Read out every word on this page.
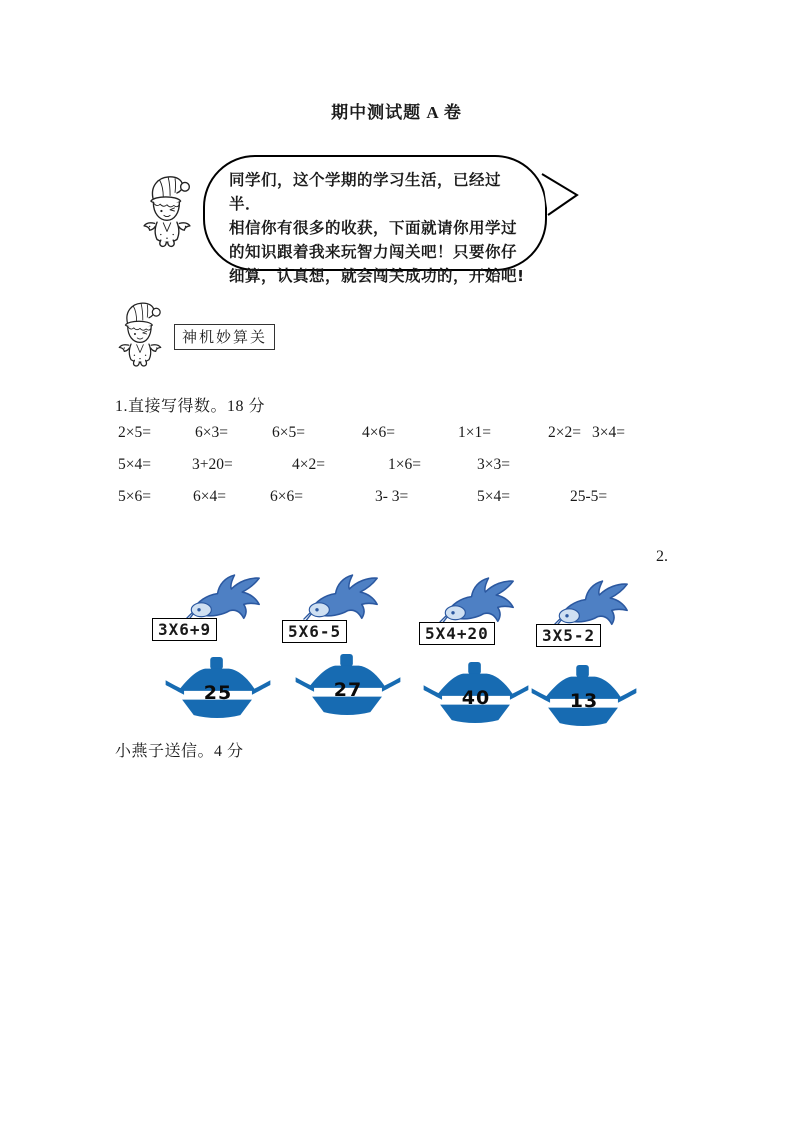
期中测试题 A 卷
同学们，这个学期的学习生活，已经过半．
相信你有很多的收获，下面就请你用学过
的知识跟着我来玩智力闯关吧！只要你仔
细算，认真想，就会闯关成功的，开始吧!
神机妙算关
1.直接写得数。18 分
2×5=	6×3=	6×5=	4×6=	1×1=	2×2= 3×4=
5×4=	3+20=	4×2=	1×6=	3×3=
5×6=	6×4=	6×6=	3- 3=	5×4=	25-5=
2.
3X6+9	5X6-5	5X4+20	3X5-2
25	27	40	13
小燕子送信。4 分
